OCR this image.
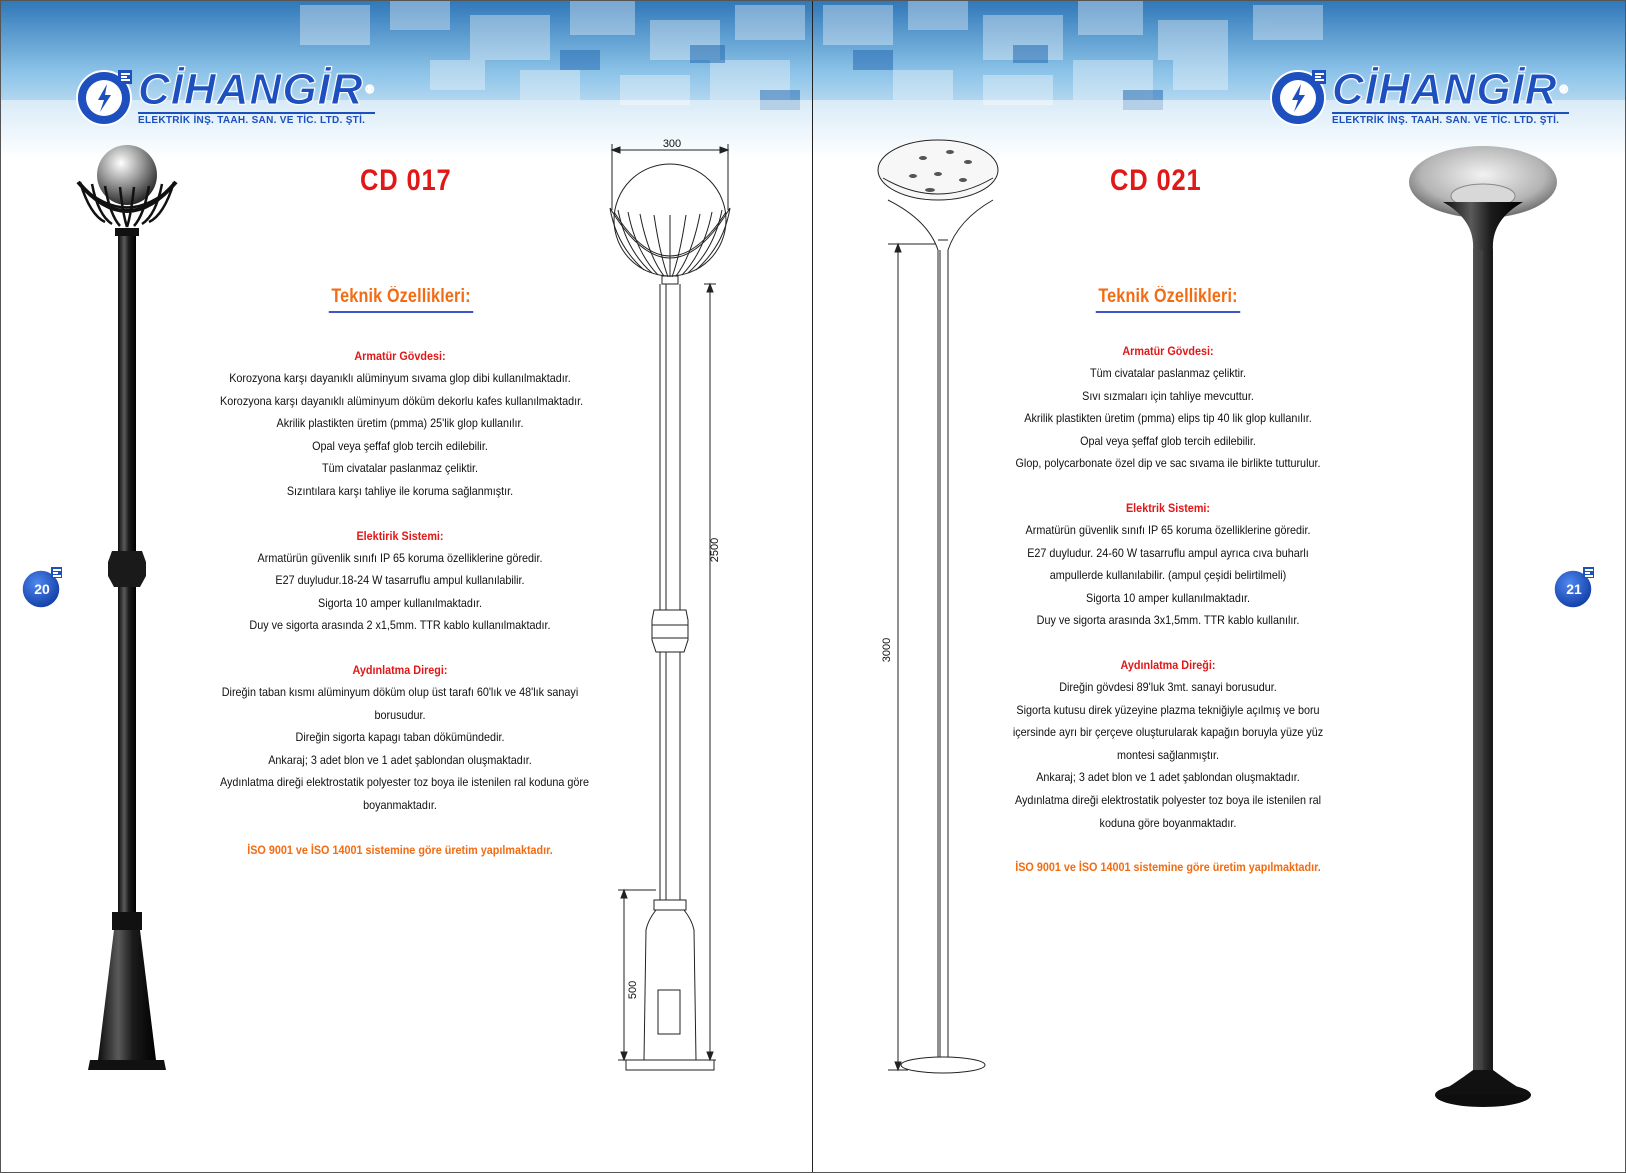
CİHANGİR ®
ELEKTRİK İNŞ. TAAH. SAN. VE TİC. LTD. ŞTİ.
CD 017
Teknik Özellikleri:
Armatür Gövdesi:
Korozyona karşı dayanıklı alüminyum sıvama glop dibi kullanılmaktadır.
Korozyona karşı dayanıklı alüminyum döküm dekorlu kafes kullanılmaktadır.
Akrilik plastikten üretim (pmma) 25'lik glop kullanılır.
Opal veya şeffaf glob tercih edilebilir.
Tüm civatalar paslanmaz çeliktir.
Sızıntılara karşı tahliye ile koruma sağlanmıştır.
Elektirik Sistemi:
Armatürün güvenlik sınıfı IP 65 koruma özelliklerine göredir.
E27 duyludur.18-24 W tasarruflu ampul kullanılabilir.
Sigorta 10 amper kullanılmaktadır.
Duy ve sigorta arasında 2 x1,5mm. TTR kablo kullanılmaktadır.
Aydınlatma Diregi:
Direğin taban kısmı alüminyum döküm olup üst tarafı 60'lık ve 48'lık sanayi
borusudur.
Direğin sigorta kapagı taban dökümündedir.
Ankaraj; 3 adet blon ve 1 adet şablondan oluşmaktadır.
Aydınlatma direği elektrostatik polyester toz boya ile istenilen ral koduna göre
boyanmaktadır.
İSO 9001 ve İSO 14001 sistemine göre üretim yapılmaktadır.
300
2500
500
20
CİHANGİR ®
ELEKTRİK İNŞ. TAAH. SAN. VE TİC. LTD. ŞTİ.
3000
CD 021
Teknik Özellikleri:
Armatür Gövdesi:
Tüm civatalar paslanmaz çeliktir.
Sıvı sızmaları için tahliye mevcuttur.
Akrilik plastikten üretim (pmma) elips tip 40 lik glop kullanılır.
Opal veya şeffaf glob tercih edilebilir.
Glop, polycarbonate özel dip ve sac sıvama ile birlikte tutturulur.
Elektrik Sistemi:
Armatürün güvenlik sınıfı IP 65 koruma özelliklerine göredir.
E27 duyludur. 24-60 W tasarruflu ampul ayrıca cıva buharlı
ampullerde kullanılabilir. (ampul çeşidi belirtilmeli)
Sigorta 10 amper kullanılmaktadır.
Duy ve sigorta arasında 3x1,5mm. TTR kablo kullanılır.
Aydınlatma Direği:
Direğin gövdesi 89'luk 3mt. sanayi borusudur.
Sigorta kutusu direk yüzeyine plazma tekniğiyle açılmış ve boru
içersinde ayrı bir çerçeve oluşturularak kapağın boruyla yüze yüz
montesi sağlanmıştır.
Ankaraj; 3 adet blon ve 1 adet şablondan oluşmaktadır.
Aydınlatma direği elektrostatik polyester toz boya ile istenilen ral
koduna göre boyanmaktadır.
İSO 9001 ve İSO 14001 sistemine göre üretim yapılmaktadır.
21
